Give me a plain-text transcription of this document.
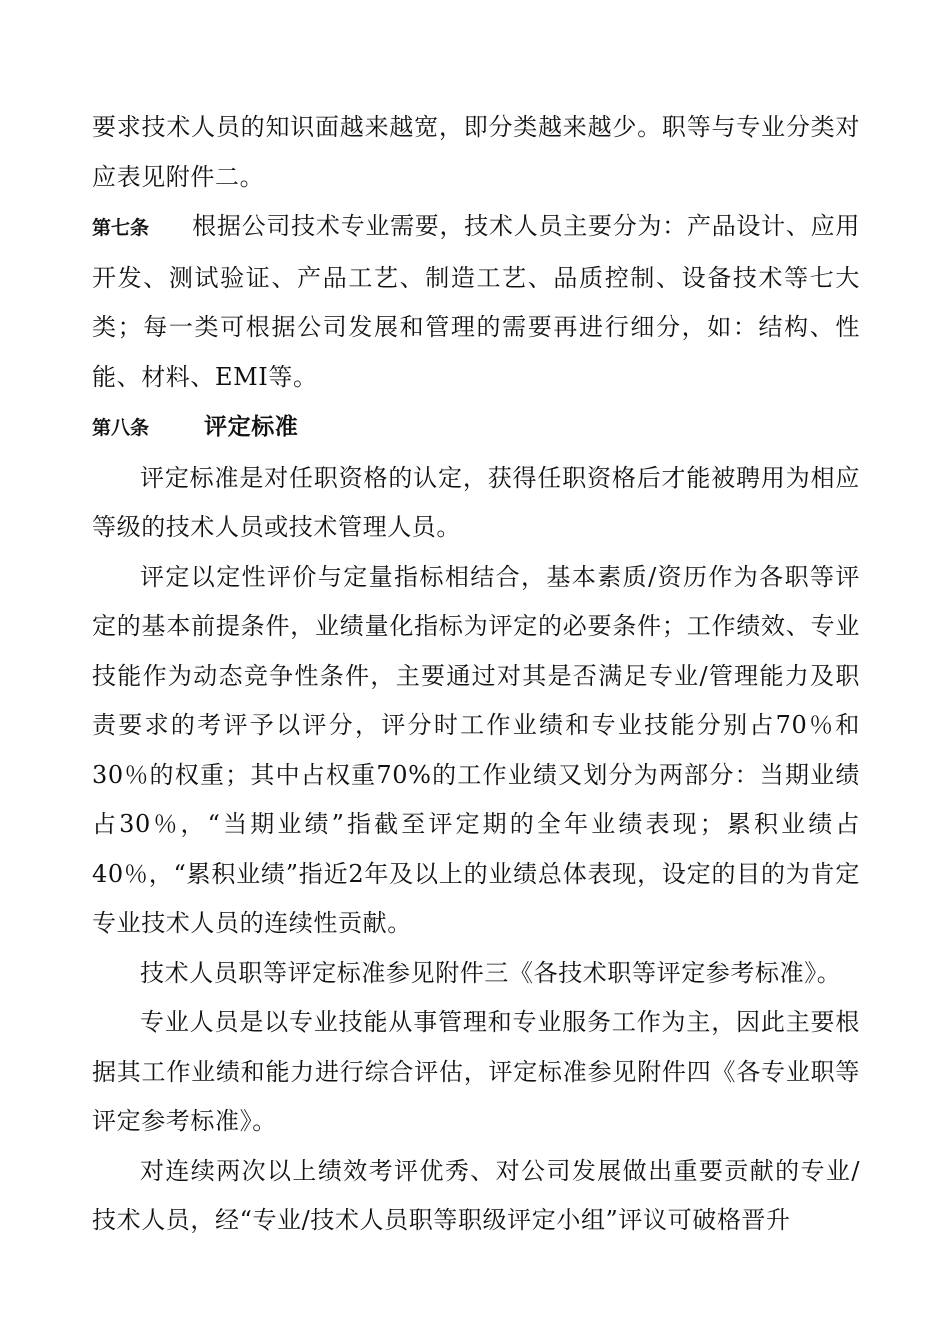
要求技术人员的知识面越来越宽，即分类越来越少。职等与专业分类对应表见附件二。

第七条 根据公司技术专业需要，技术人员主要分为：产品设计、应用开发、测试验证、产品工艺、制造工艺、品质控制、设备技术等七大类；每一类可根据公司发展和管理的需要再进行细分，如：结构、性能、材料、EMI等。

第八条 评定标准

评定标准是对任职资格的认定，获得任职资格后才能被聘用为相应等级的技术人员或技术管理人员。

评定以定性评价与定量指标相结合，基本素质/资历作为各职等评定的基本前提条件，业绩量化指标为评定的必要条件；工作绩效、专业技能作为动态竞争性条件，主要通过对其是否满足专业/管理能力及职责要求的考评予以评分，评分时工作业绩和专业技能分别占70％和30％的权重；其中占权重70%的工作业绩又划分为两部分：当期业绩占30％，“当期业绩”指截至评定期的全年业绩表现；累积业绩占40％，“累积业绩”指近2年及以上的业绩总体表现，设定的目的为肯定专业技术人员的连续性贡献。

技术人员职等评定标准参见附件三《各技术职等评定参考标准》。

专业人员是以专业技能从事管理和专业服务工作为主，因此主要根据其工作业绩和能力进行综合评估，评定标准参见附件四《各专业职等评定参考标准》。

对连续两次以上绩效考评优秀、对公司发展做出重要贡献的专业/技术人员，经“专业/技术人员职等职级评定小组”评议可破格晋升
